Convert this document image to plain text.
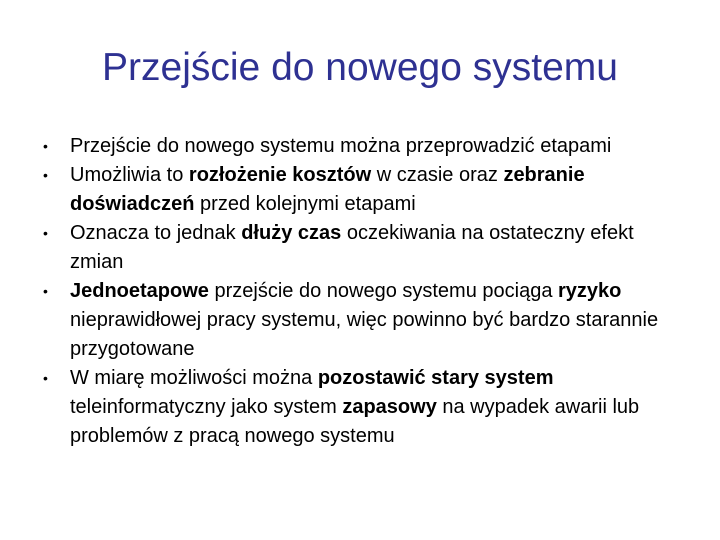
Przejście do nowego systemu
• Przejście do nowego systemu można przeprowadzić etapami
• Umożliwia to rozłożenie kosztów w czasie oraz zebranie doświadczeń przed kolejnymi etapami
• Oznacza to jednak dłuży czas oczekiwania na ostateczny efekt zmian
• Jednoetapowe przejście do nowego systemu pociąga ryzyko nieprawidłowej pracy systemu, więc powinno być bardzo starannie przygotowane
• W miarę możliwości można pozostawić stary system teleinformatyczny jako system zapasowy na wypadek awarii lub problemów z pracą nowego systemu
